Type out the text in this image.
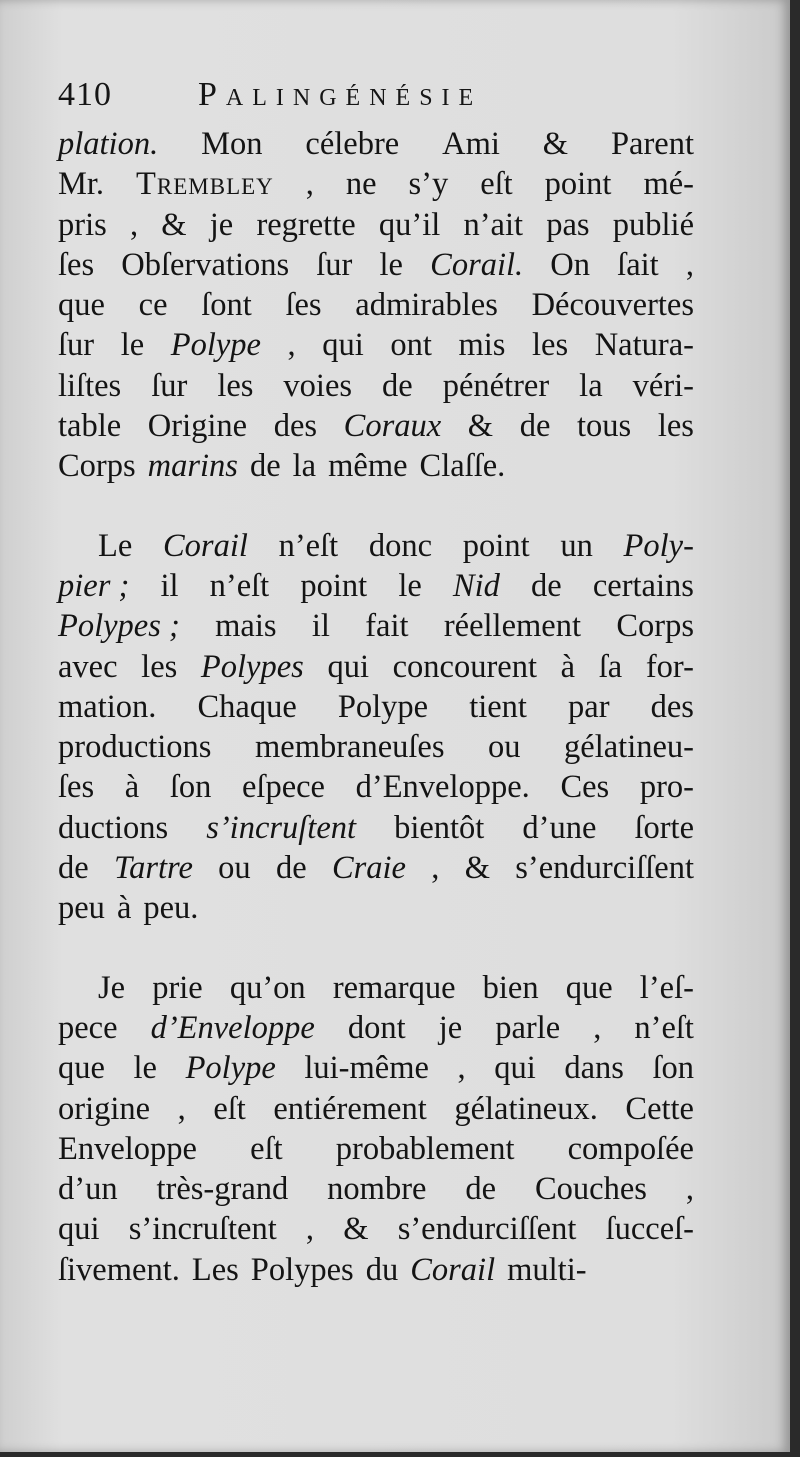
410	Palingénésie
plation. Mon célebre Ami & Parent
Mr. Trembley , ne s’y eſt point mé-
pris , & je regrette qu’il n’ait pas publié
ſes Obſervations ſur le Corail. On ſait ,
que ce ſont ſes admirables Découvertes
ſur le Polype , qui ont mis les Natura-
liſtes ſur les voies de pénétrer la véri-
table Origine des Coraux & de tous les
Corps marins de la même Claſſe.
Le Corail n’eſt donc point un Poly-
pier ; il n’eſt point le Nid de certains
Polypes ; mais il fait réellement Corps
avec les Polypes qui concourent à ſa for-
mation. Chaque Polype tient par des
productions membraneuſes ou gélatineu-
ſes à ſon eſpece d’Enveloppe. Ces pro-
ductions s’incruſtent bientôt d’une ſorte
de Tartre ou de Craie , & s’endurciſſent
peu à peu.
Je prie qu’on remarque bien que l’eſ-
pece d’Enveloppe dont je parle , n’eſt
que le Polype lui-même , qui dans ſon
origine , eſt entiérement gélatineux. Cette
Enveloppe eſt probablement compoſée
d’un très-grand nombre de Couches ,
qui s’incruſtent , & s’endurciſſent ſucceſ-
ſivement. Les Polypes du Corail multi-
